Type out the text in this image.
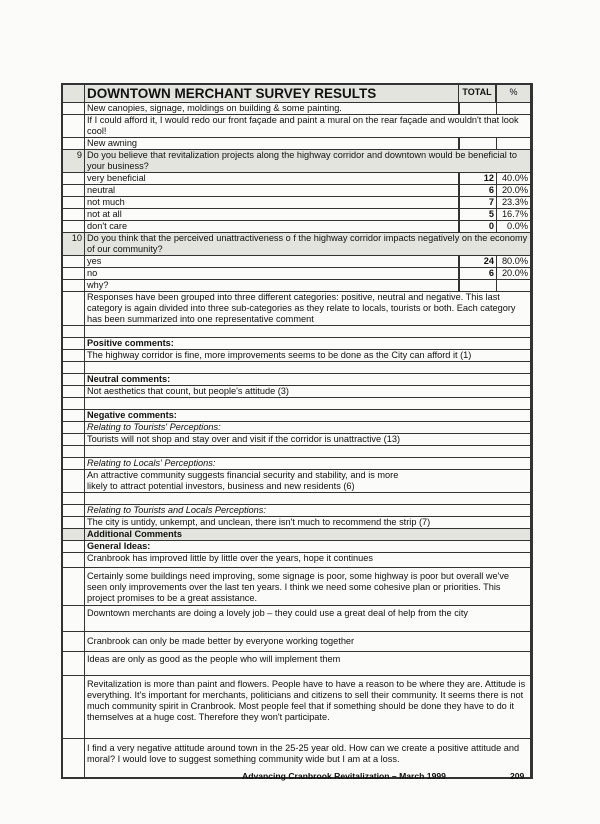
DOWNTOWN MERCHANT SURVEY RESULTS	TOTAL	%
New canopies, signage, moldings on building & some painting.
If I could afford it, I would redo our front façade and paint a mural on the rear façade and wouldn't that look cool!
New awning
9 Do you believe that revitalization projects along the highway corridor and downtown would be beneficial to your business?
very beneficial	12 40.0%
neutral	6 20.0%
not much	7 23.3%
not at all	5 16.7%
don't care	0	0.0%
10 Do you think that the perceived unattractiveness o f the highway corridor impacts negatively on the economy of our community?
yes	24 80.0%
no	6 20.0%
why?
Responses have been grouped into three different categories: positive, neutral and negative. This last category is again divided into three sub-categories as they relate to locals, tourists or both. Each category has been summarized into one representative comment
Positive comments:
The highway corridor is fine, more improvements seems to be done as the City can afford it (1)
Neutral comments:
Not aesthetics that count, but people's attitude (3)
Negative comments:
Relating to Tourists' Perceptions:
Tourists will not shop and stay over and visit if the corridor is unattractive (13)
Relating to Locals' Perceptions:
An attractive community suggests financial security and stability, and is more likely to attract potential investors, business and new residents (6)
Relating to Tourists and Locals Perceptions:
The city is untidy, unkempt, and unclean, there isn't much to recommend the strip (7)
Additional Comments
General Ideas:
Cranbrook has improved little by little over the years, hope it continues
Certainly some buildings need improving, some signage is poor, some highway is poor but overall we've seen only improvements over the last ten years. I think we need some cohesive plan or priorities. This project promises to be a great assistance.
Downtown merchants are doing a lovely job – they could use a great deal of help from the city
Cranbrook can only be made better by everyone working together
Ideas are only as good as the people who will implement them
Revitalization is more than paint and flowers. People have to have a reason to be where they are. Attitude is everything. It's important for merchants, politicians and citizens to sell their community. It seems there is not much community spirit in Cranbrook. Most people feel that if something should be done they have to do it themselves at a huge cost. Therefore they won't participate.
I find a very negative attitude around town in the 25-25 year old. How can we create a positive attitude and moral? I would love to suggest something community wide but I am at a loss.
Advancing Cranbrook Revitalization – March 1999	209
